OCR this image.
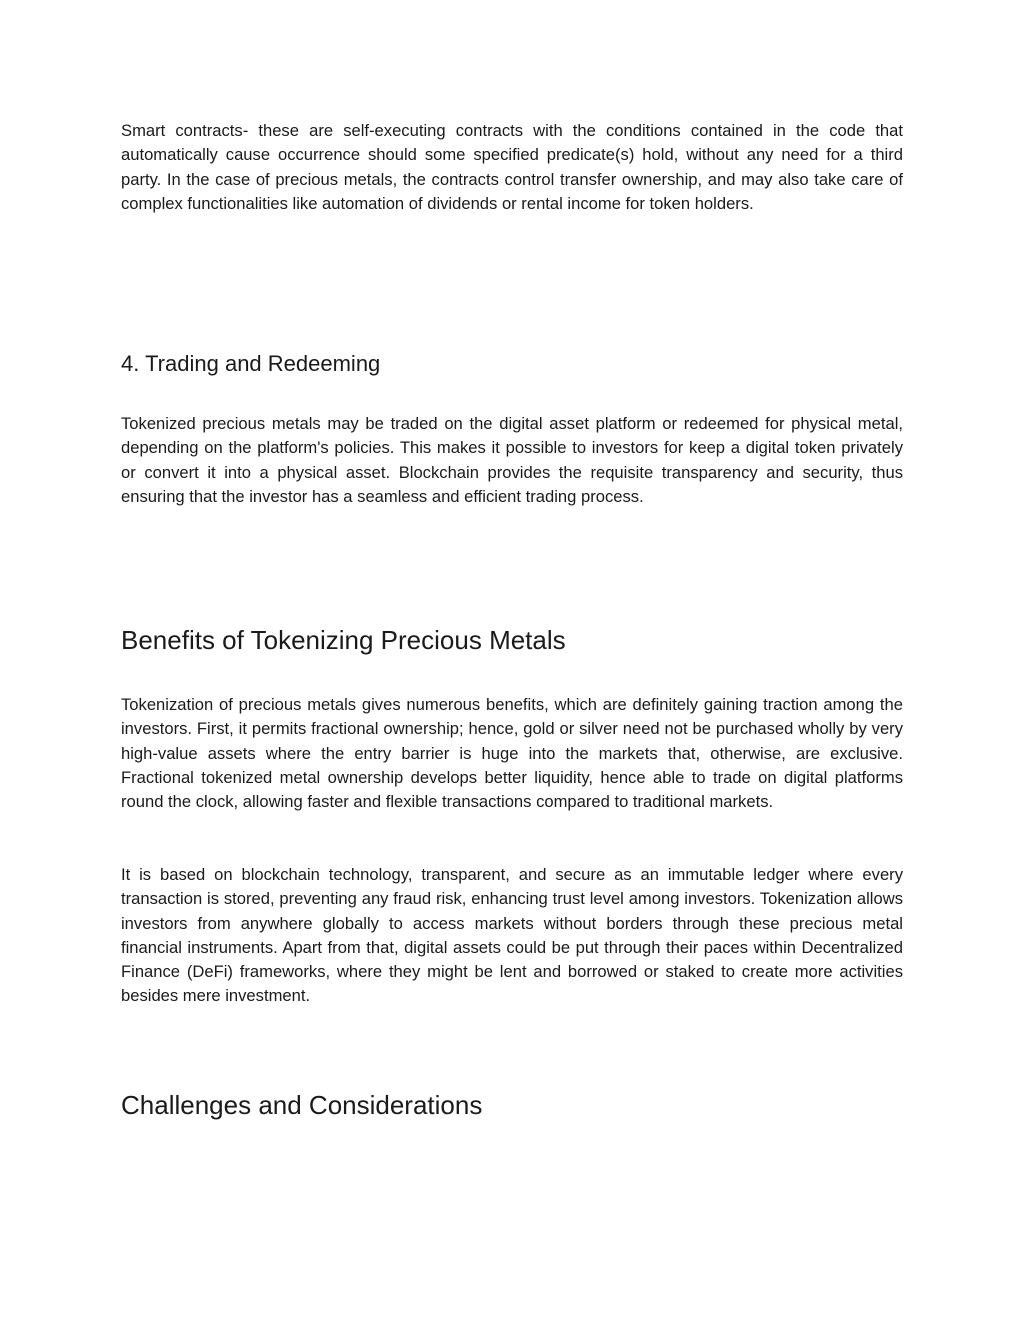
Smart contracts- these are self-executing contracts with the conditions contained in the code that automatically cause occurrence should some specified predicate(s) hold, without any need for a third party. In the case of precious metals, the contracts control transfer ownership, and may also take care of complex functionalities like automation of dividends or rental income for token holders.

4. Trading and Redeeming

Tokenized precious metals may be traded on the digital asset platform or redeemed for physical metal, depending on the platform's policies. This makes it possible to investors for keep a digital token privately or convert it into a physical asset. Blockchain provides the requisite transparency and security, thus ensuring that the investor has a seamless and efficient trading process.

Benefits of Tokenizing Precious Metals

Tokenization of precious metals gives numerous benefits, which are definitely gaining traction among the investors. First, it permits fractional ownership; hence, gold or silver need not be purchased wholly by very high-value assets where the entry barrier is huge into the markets that, otherwise, are exclusive. Fractional tokenized metal ownership develops better liquidity, hence able to trade on digital platforms round the clock, allowing faster and flexible transactions compared to traditional markets.

It is based on blockchain technology, transparent, and secure as an immutable ledger where every transaction is stored, preventing any fraud risk, enhancing trust level among investors. Tokenization allows investors from anywhere globally to access markets without borders through these precious metal financial instruments. Apart from that, digital assets could be put through their paces within Decentralized Finance (DeFi) frameworks, where they might be lent and borrowed or staked to create more activities besides mere investment.

Challenges and Considerations
